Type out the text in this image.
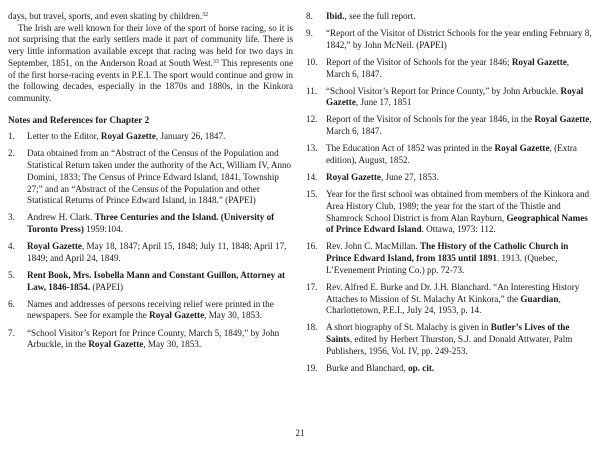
days, but travel, sports, and even skating by children.$^{32}$

The Irish are well known for their love of the sport of horse racing, so it is not surprising that the early settlers made it part of community life. There is very little information available except that racing was held for two days in September, 1851, on the Anderson Road at South West.$^{33}$ This represents one of the first horse-racing events in P.E.I. The sport would continue and grow in the following decades, especially in the 1870s and 1880s, in the Kinkora community.

Notes and References for Chapter 2
1.	Letter to the Editor, Royal Gazette, January 26, 1847.
2.	Data obtained from an “Abstract of the Census of the Population and Statistical Return taken under the authority of the Act, William IV, Anno Domini, 1833; The Census of Prince Edward Island, 1841, Township 27;” and an “Abstract of the Census of the Population and other Statistical Returns of Prince Edward Island, in 1848.” (PAPEI)
3.	Andrew H. Clark. Three Centuries and the Island. (University of Toronto Press) 1959:104.
4.	Royal Gazette, May 18, 1847; April 15, 1848; July 11, 1848; April 17, 1849; and April 24, 1849.
5.	Rent Book, Mrs. Isobella Mann and Constant Guillon, Attorney at Law, 1846-1854. (PAPEI)
6.	Names and addresses of persons receiving relief were printed in the newspapers. See for example the Royal Gazette, May 30, 1853.
7.	“School Visitor’s Report for Prince County, March 5, 1849,” by John Arbuckle, in the Royal Gazette, May 30, 1853.
8.	Ibid., see the full report.
9.	“Report of the Visitor of District Schools for the year ending February 8, 1842,” by John McNeil. (PAPEI)
10. Report of the Visitor of Schools for the year 1846; Royal Gazette, March 6, 1847.
11. “School Visitor’s Report for Prince County,” by John Arbuckle. Royal Gazette, June 17, 1851
12. Report of the Visitor of Schools for the year 1846, in the Royal Gazette, March 6, 1847.
13. The Education Act of 1852 was printed in the Royal Gazette, (Extra edition), August, 1852.
14. Royal Gazette, June 27, 1853.
15. Year for the first school was obtained from members of the Kinkora and Area History Club, 1989; the year for the start of the Thistle and Shamrock School District is from Alan Rayburn, Geographical Names of Prince Edward Island. Ottawa, 1973: 112.
16. Rev. John C. MacMillan. The History of the Catholic Church in Prince Edward Island, from 1835 until 1891. 1913. (Quebec, L’Evenement Printing Co.) pp. 72-73.
17. Rev. Alfred E. Burke and Dr. J.H. Blanchard. “An Interesting History Attaches to Mission of St. Malachy At Kinkora,” the Guardian, Charlottetown, P.E.I., July 24, 1953, p. 14.
18. A short biography of St. Malachy is given in Butler’s Lives of the Saints, edited by Herbert Thurston, S.J. and Donald Attwater, Palm Publishers, 1956, Vol. IV, pp. 249-253.
19. Burke and Blanchard, op. cit.
21
